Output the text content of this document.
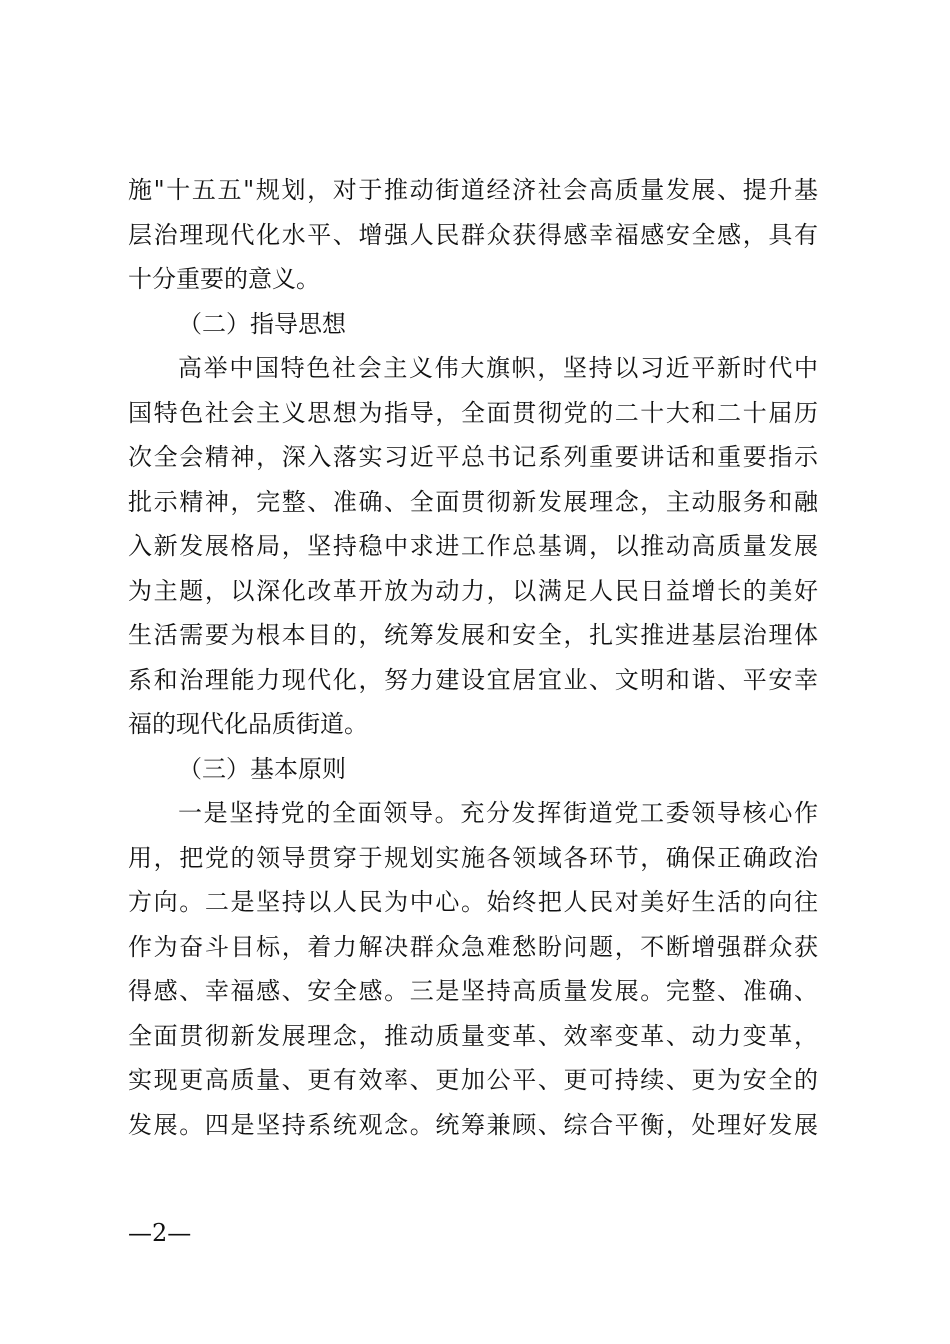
施"十五五"规划，对于推动街道经济社会高质量发展、提升基
层治理现代化水平、增强人民群众获得感幸福感安全感，具有
十分重要的意义。
（二）指导思想
高举中国特色社会主义伟大旗帜，坚持以习近平新时代中
国特色社会主义思想为指导，全面贯彻党的二十大和二十届历
次全会精神，深入落实习近平总书记系列重要讲话和重要指示
批示精神，完整、准确、全面贯彻新发展理念，主动服务和融
入新发展格局，坚持稳中求进工作总基调，以推动高质量发展
为主题，以深化改革开放为动力，以满足人民日益增长的美好
生活需要为根本目的，统筹发展和安全，扎实推进基层治理体
系和治理能力现代化，努力建设宜居宜业、文明和谐、平安幸
福的现代化品质街道。
（三）基本原则
一是坚持党的全面领导。充分发挥街道党工委领导核心作
用，把党的领导贯穿于规划实施各领域各环节，确保正确政治
方向。二是坚持以人民为中心。始终把人民对美好生活的向往
作为奋斗目标，着力解决群众急难愁盼问题，不断增强群众获
得感、幸福感、安全感。三是坚持高质量发展。完整、准确、
全面贯彻新发展理念，推动质量变革、效率变革、动力变革，
实现更高质量、更有效率、更加公平、更可持续、更为安全的
发展。四是坚持系统观念。统筹兼顾、综合平衡，处理好发展
—2—
